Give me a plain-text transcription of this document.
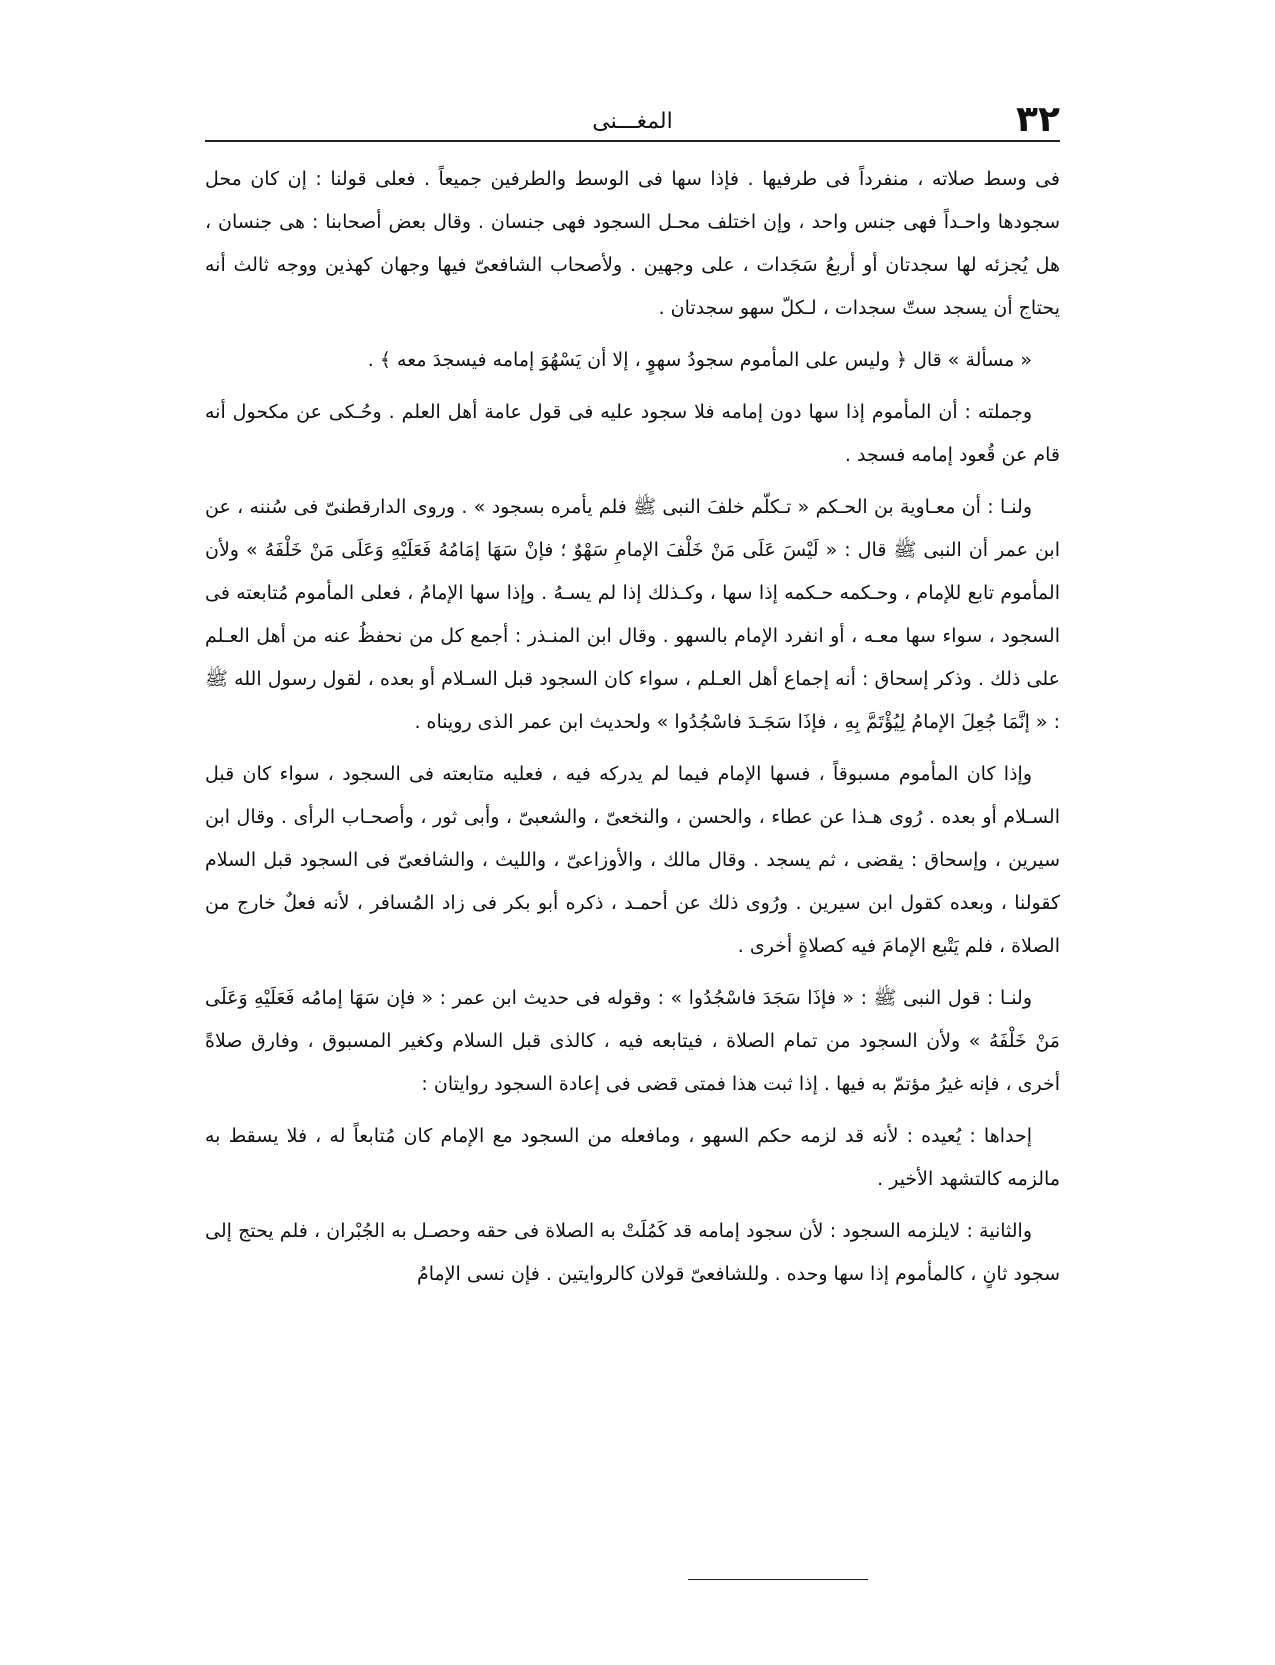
٣٢
المغـــنى

فى وسط صلاته ، منفرداً فى طرفيها . فإذا سها فى الوسط والطرفين جميعاً . فعلى قولنا : إن كان محل سجودها واحـداً فهى جنس واحد ، وإن اختلف محـل السجود فهى جنسان . وقال بعض أصحابنا : هى جنسان ، هل يُجزئه لها سجدتان أو أربعُ سَجَدات ، على وجهين . ولأصحاب الشافعىّ فيها وجهان كهذين ووجه ثالث أنه يحتاج أن يسجد ستّ سجدات ، لـكلّ سهو سجدتان .

« مسألة » قال ﴿ وليس على المأموم سجودُ سهوٍ ، إلا أن يَسْهُوَ إمامه فيسجدَ معه ﴾ .

وجملته : أن المأموم إذا سها دون إمامه فلا سجود عليه فى قول عامة أهل العلم . وحُـكى عن مكحول أنه قام عن قُعود إمامه فسجد .

ولنـا : أن معـاوية بن الحـكم « تـكلّم خلفَ النبى ﷺ فلم يأمره بسجود » . وروى الدارقطنىّ فى سُننه ، عن ابن عمر أن النبى ﷺ قال : « لَيْسَ عَلَى مَنْ خَلْفَ الإمامِ سَهْوٌ ؛ فإنْ سَهَا إمَامُهُ فَعَلَيْهِ وَعَلَى مَنْ خَلْفَهُ » ولأن المأموم تابع للإمام ، وحـكمه حـكمه إذا سها ، وكـذلك إذا لم يسـهُ . وإذا سها الإمامُ ، فعلى المأموم مُتابعته فى السجود ، سواء سها معـه ، أو انفرد الإمام بالسهو . وقال ابن المنـذر : أجمع كل من نحفظُ عنه من أهل العـلم على ذلك . وذكر إسحاق : أنه إجماع أهل العـلم ، سواء كان السجود قبل السـلام أو بعده ، لقول رسول الله ﷺ : « إنَّمَا جُعِلَ الإمامُ لِيُؤْتَمَّ بِهِ ، فإذَا سَجَـدَ فاسْجُدُوا » ولحديث ابن عمر الذى رويناه .

وإذا كان المأموم مسبوقاً ، فسها الإمام فيما لم يدركه فيه ، فعليه متابعته فى السجود ، سواء كان قبل السـلام أو بعده . رُوى هـذا عن عطاء ، والحسن ، والنخعىّ ، والشعبىّ ، وأبى ثور ، وأصحـاب الرأى . وقال ابن سيرين ، وإسحاق : يقضى ، ثم يسجد . وقال مالك ، والأوزاعىّ ، والليث ، والشافعىّ فى السجود قبل السلام كقولنا ، وبعده كقول ابن سيرين . ورُوى ذلك عن أحمـد ، ذكره أبو بكر فى زاد المُسافر ، لأنه فعلٌ خارج من الصلاة ، فلم يَتْبع الإمامَ فيه كصلاةٍ أخرى .

ولنـا : قول النبى ﷺ : « فإذَا سَجَدَ فاسْجُدُوا » : وقوله فى حديث ابن عمر : « فإن سَهَا إمامُه فَعَلَيْهِ وَعَلَى مَنْ خَلْفَهُ » ولأن السجود من تمام الصلاة ، فيتابعه فيه ، كالذى قبل السلام وكغير المسبوق ، وفارق صلاةً أخرى ، فإنه غيرُ مؤتمّ به فيها . إذا ثبت هذا فمتى قضى فى إعادة السجود روايتان :

إحداها : يُعيده : لأنه قد لزمه حكم السهو ، ومافعله من السجود مع الإمام كان مُتابعاً له ، فلا يسقط به مالزمه كالتشهد الأخير .

والثانية : لايلزمه السجود : لأن سجود إمامه قد كَمُلَتْ به الصلاة فى حقه وحصـل به الجُبْران ، فلم يحتج إلى سجود ثانٍ ، كالمأموم إذا سها وحده . وللشافعىّ قولان كالروايتين . فإن نسى الإمامُ
